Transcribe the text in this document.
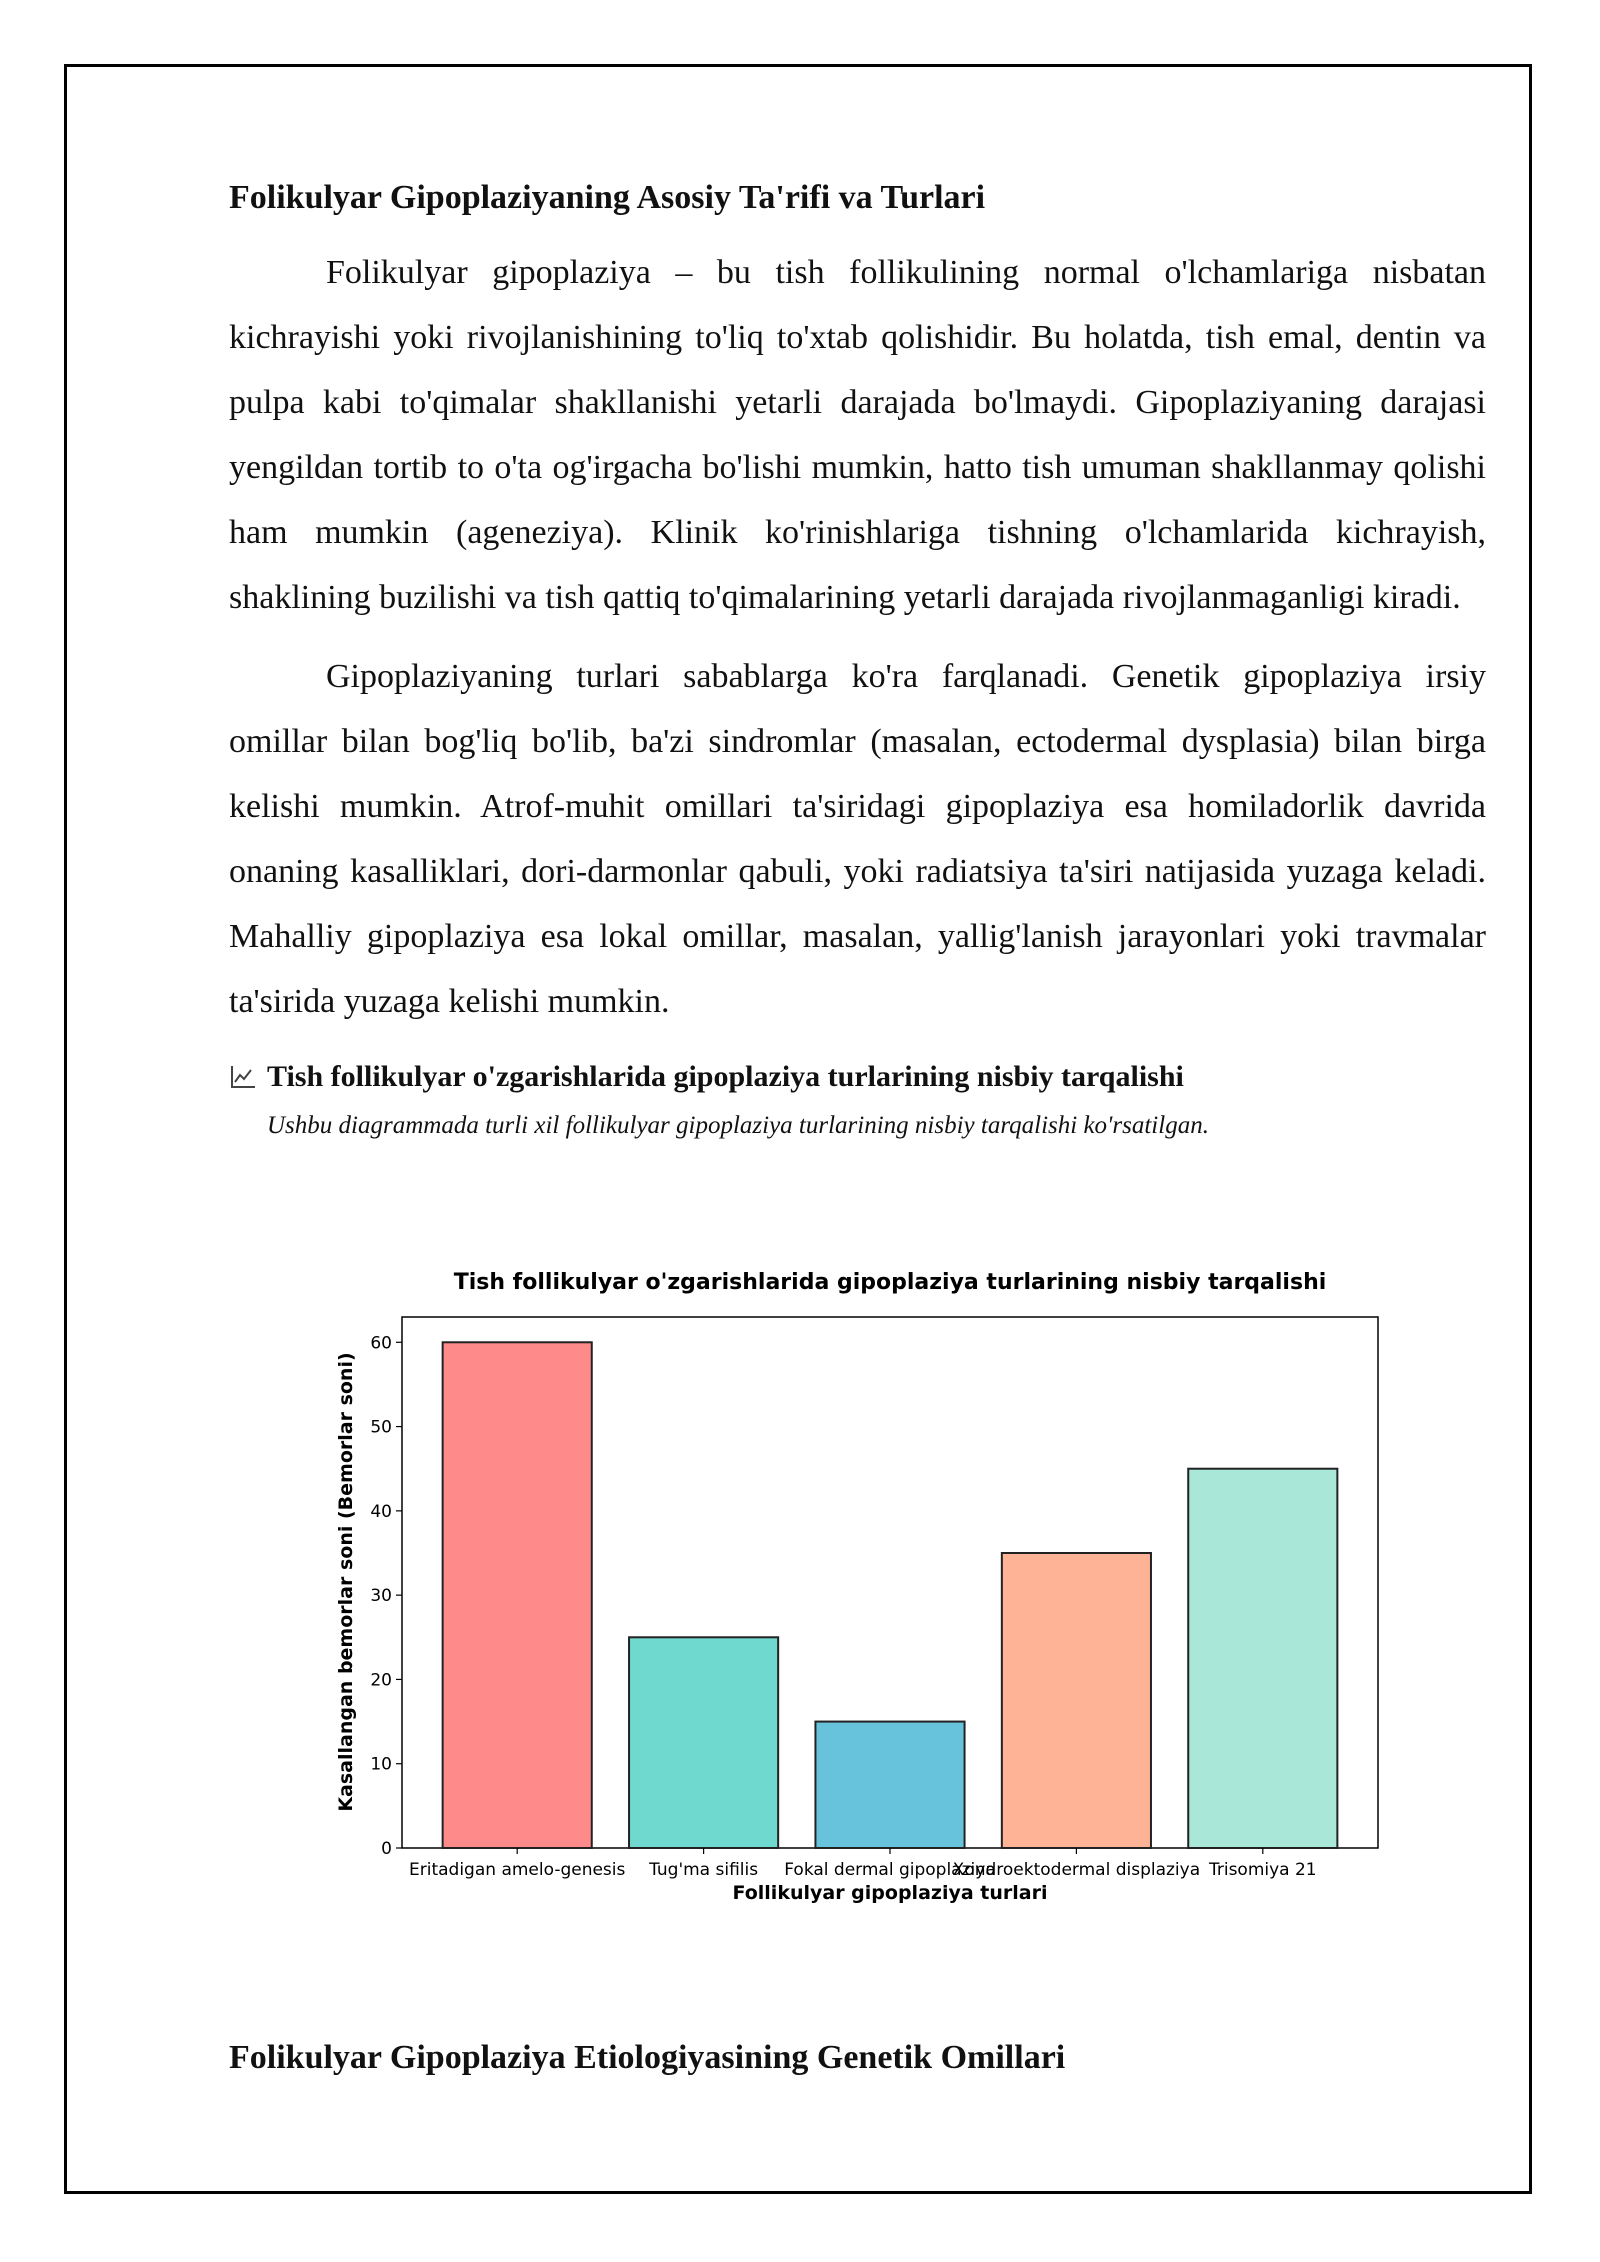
Folikulyar Gipoplaziyaning Asosiy Ta'rifi va Turlari

Folikulyar gipoplaziya – bu tish follikulining normal o'lchamlariga nisbatan kichrayishi yoki rivojlanishining to'liq to'xtab qolishidir. Bu holatda, tish emal, dentin va pulpa kabi to'qimalar shakllanishi yetarli darajada bo'lmaydi. Gipoplaziyaning darajasi yengildan tortib to o'ta og'irgacha bo'lishi mumkin, hatto tish umuman shakllanmay qolishi ham mumkin (ageneziya). Klinik ko'rinishlariga tishning o'lchamlarida kichrayish, shaklining buzilishi va tish qattiq to'qimalarining yetarli darajada rivojlanmaganligi kiradi.

Gipoplaziyaning turlari sabablarga ko'ra farqlanadi. Genetik gipoplaziya irsiy omillar bilan bog'liq bo'lib, ba'zi sindromlar (masalan, ectodermal dysplasia) bilan birga kelishi mumkin. Atrof-muhit omillari ta'siridagi gipoplaziya esa homiladorlik davrida onaning kasalliklari, dori-darmonlar qabuli, yoki radiatsiya ta'siri natijasida yuzaga keladi. Mahalliy gipoplaziya esa lokal omillar, masalan, yallig'lanish jarayonlari yoki travmalar ta'sirida yuzaga kelishi mumkin.

Tish follikulyar o'zgarishlarida gipoplaziya turlarining nisbiy tarqalishi
Ushbu diagrammada turli xil follikulyar gipoplaziya turlarining nisbiy tarqalishi ko'rsatilgan.
Tish follikulyar o'zgarishlarida gipoplaziya turlarining nisbiy tarqalishi
0
10
20
30
40
50
60
Eritadigan amelo-genesis Tug'ma sifilis Fokal dermal gipoplaziya
Xondroektodermal displaziya Trisomiya 21
Follikulyar gipoplaziya turlari
Kasallangan bemorlar soni (Bemorlar soni)
Folikulyar Gipoplaziya Etiologiyasining Genetik Omillari
